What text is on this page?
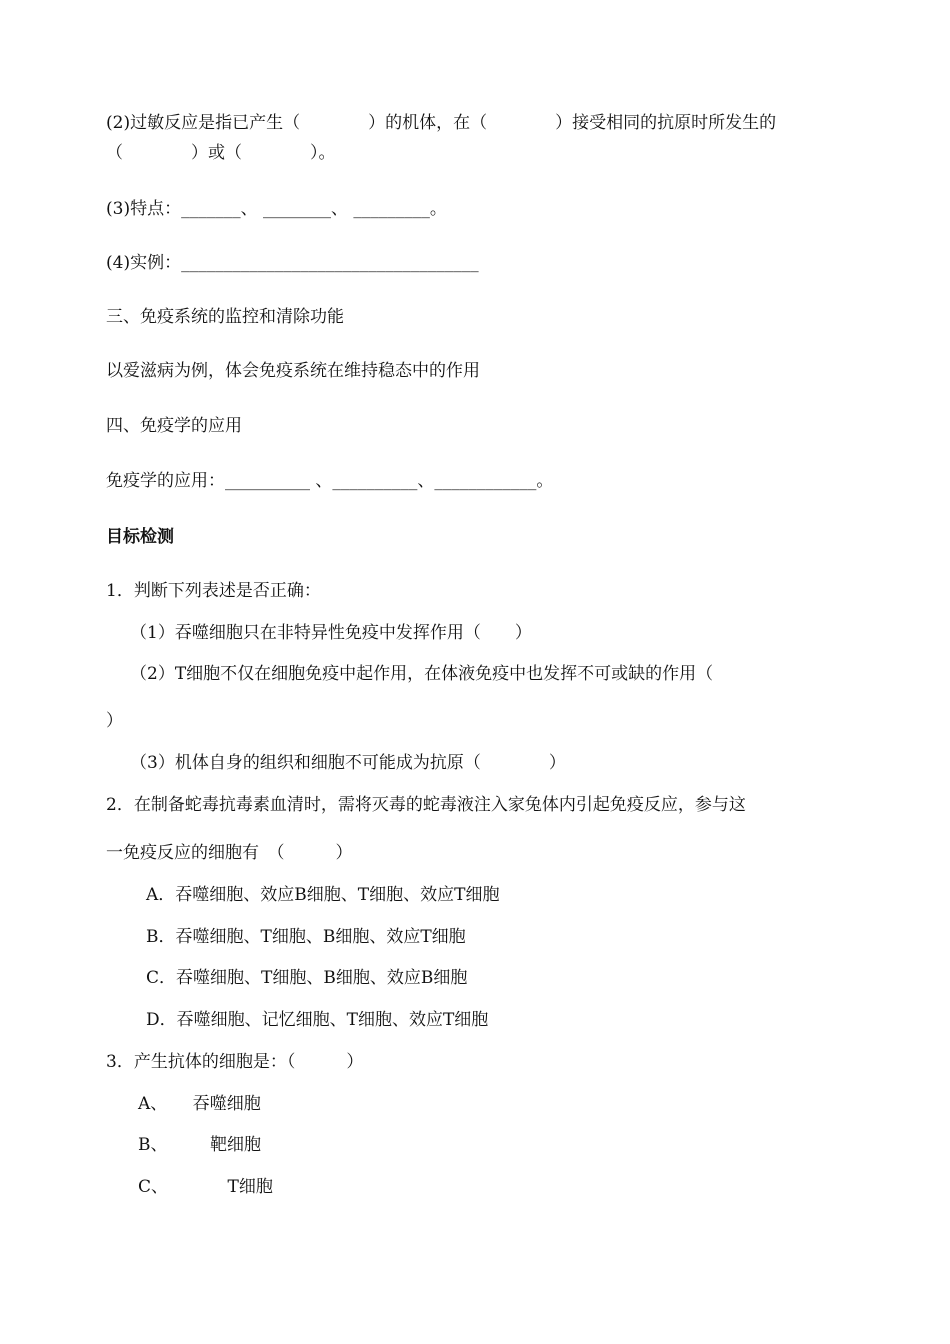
(2)过敏反应是指已产生（　　　　）的机体，在（　　　　）接受相同的抗原时所发生的
（　　　　）或（　　　　）。
(3)特点：_______、 ________、 _________。
(4)实例：___________________________________
三、免疫系统的监控和清除功能
以爱滋病为例，体会免疫系统在维持稳态中的作用
四、免疫学的应用
免疫学的应用：__________ 、__________、____________。
目标检测
1．判断下列表述是否正确：
（1）吞噬细胞只在非特异性免疫中发挥作用（　　）
（2）T细胞不仅在细胞免疫中起作用，在体液免疫中也发挥不可或缺的作用（
）
（3）机体自身的组织和细胞不可能成为抗原（　　　　）
2．在制备蛇毒抗毒素血清时，需将灭毒的蛇毒液注入家兔体内引起免疫反应，参与这
一免疫反应的细胞有　（　　　）
A．吞噬细胞、效应B细胞、T细胞、效应T细胞
B．吞噬细胞、T细胞、B细胞、效应T细胞
C．吞噬细胞、T细胞、B细胞、效应B细胞
D．吞噬细胞、记忆细胞、T细胞、效应T细胞
3．产生抗体的细胞是：（　　　）
A、　　吞噬细胞
B、　　　靶细胞
C、　　　　T细胞
